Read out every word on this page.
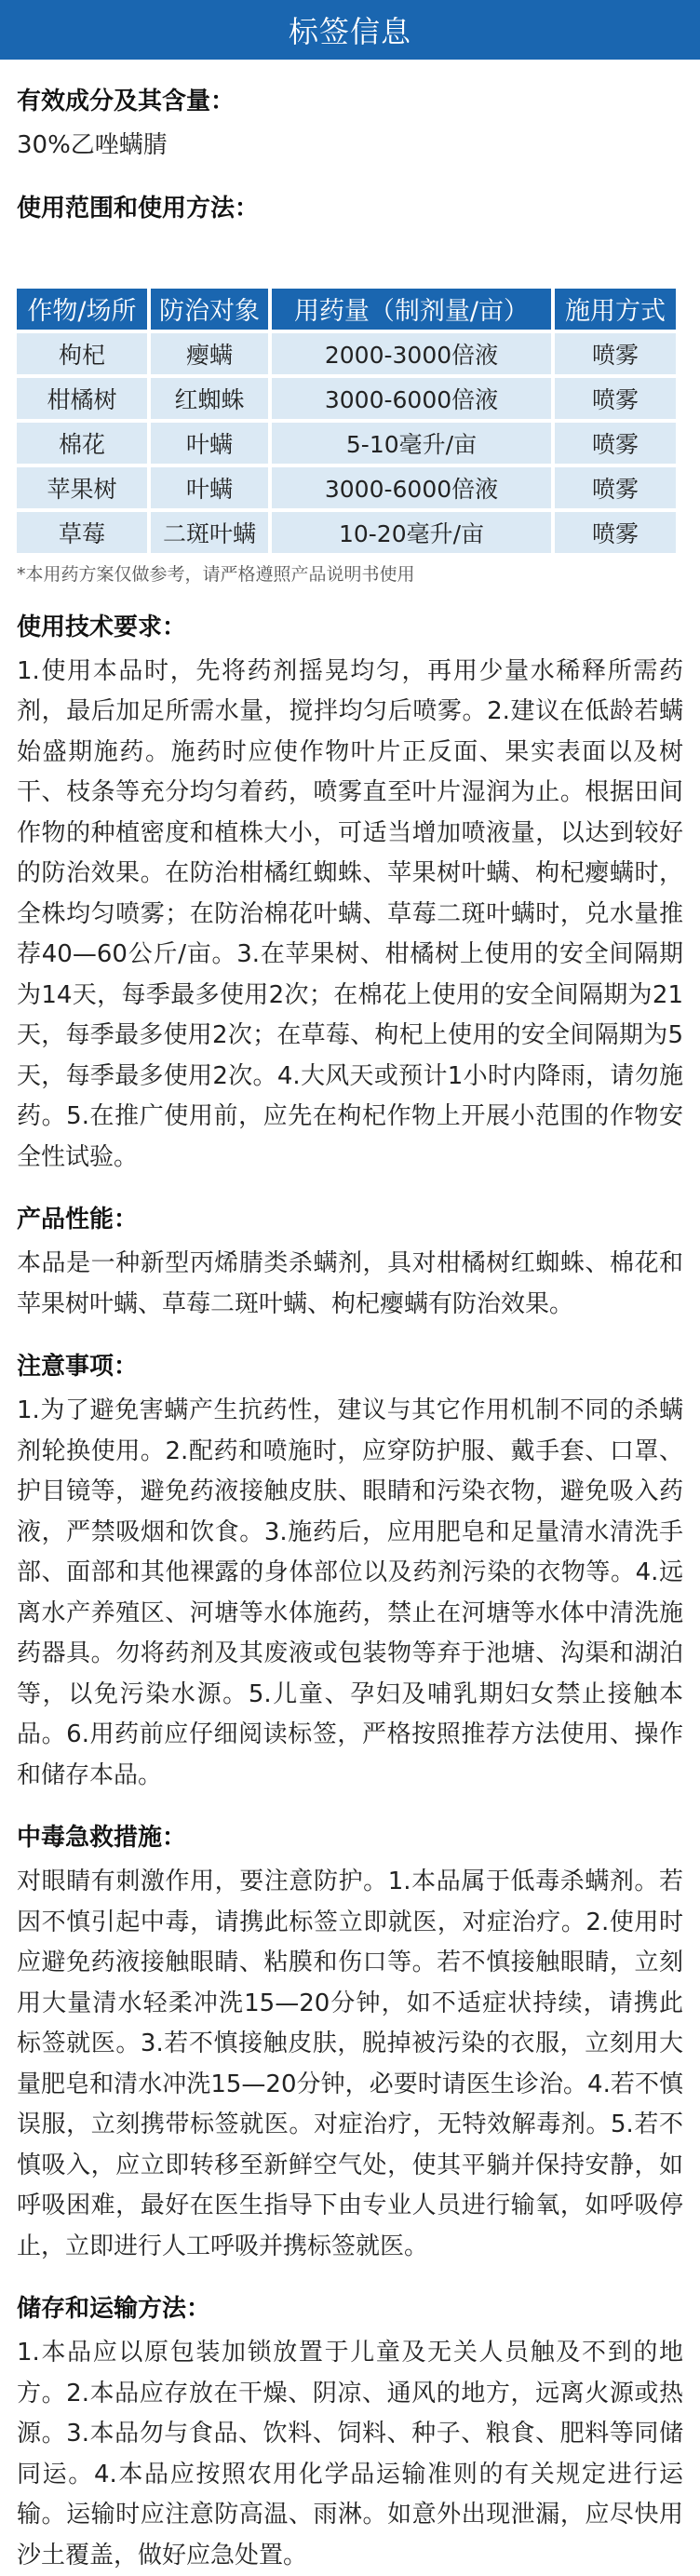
标签信息
有效成分及其含量：
30%乙唑螨腈
使用范围和使用方法：
作物/场所	防治对象	用药量（制剂量/亩）	施用方式
枸杞	瘿螨	2000-3000倍液	喷雾
柑橘树	红蜘蛛	3000-6000倍液	喷雾
棉花	叶螨	5-10毫升/亩	喷雾
苹果树	叶螨	3000-6000倍液	喷雾
草莓	二斑叶螨	10-20毫升/亩	喷雾
*本用药方案仅做参考，请严格遵照产品说明书使用
使用技术要求：
1.使用本品时，先将药剂摇晃均匀，再用少量水稀释所需药剂，最后加足所需水量，搅拌均匀后喷雾。2.建议在低龄若螨始盛期施药。施药时应使作物叶片正反面、果实表面以及树干、枝条等充分均匀着药，喷雾直至叶片湿润为止。根据田间作物的种植密度和植株大小，可适当增加喷液量，以达到较好的防治效果。在防治柑橘红蜘蛛、苹果树叶螨、枸杞瘿螨时，全株均匀喷雾；在防治棉花叶螨、草莓二斑叶螨时，兑水量推荐40—60公斤/亩。3.在苹果树、柑橘树上使用的安全间隔期为14天，每季最多使用2次；在棉花上使用的安全间隔期为21天，每季最多使用2次；在草莓、枸杞上使用的安全间隔期为5天，每季最多使用2次。4.大风天或预计1小时内降雨，请勿施药。5.在推广使用前，应先在枸杞作物上开展小范围的作物安全性试验。
产品性能：
本品是一种新型丙烯腈类杀螨剂，具对柑橘树红蜘蛛、棉花和苹果树叶螨、草莓二斑叶螨、枸杞瘿螨有防治效果。
注意事项：
1.为了避免害螨产生抗药性，建议与其它作用机制不同的杀螨剂轮换使用。2.配药和喷施时，应穿防护服、戴手套、口罩、护目镜等，避免药液接触皮肤、眼睛和污染衣物，避免吸入药液，严禁吸烟和饮食。3.施药后，应用肥皂和足量清水清洗手部、面部和其他裸露的身体部位以及药剂污染的衣物等。4.远离水产养殖区、河塘等水体施药，禁止在河塘等水体中清洗施药器具。勿将药剂及其废液或包装物等弃于池塘、沟渠和湖泊等，以免污染水源。5.儿童、孕妇及哺乳期妇女禁止接触本品。6.用药前应仔细阅读标签，严格按照推荐方法使用、操作和储存本品。
中毒急救措施：
对眼睛有刺激作用，要注意防护。1.本品属于低毒杀螨剂。若因不慎引起中毒，请携此标签立即就医，对症治疗。2.使用时应避免药液接触眼睛、粘膜和伤口等。若不慎接触眼睛，立刻用大量清水轻柔冲洗15—20分钟，如不适症状持续，请携此标签就医。3.若不慎接触皮肤，脱掉被污染的衣服，立刻用大量肥皂和清水冲洗15—20分钟，必要时请医生诊治。4.若不慎误服，立刻携带标签就医。对症治疗，无特效解毒剂。5.若不慎吸入，应立即转移至新鲜空气处，使其平躺并保持安静，如呼吸困难，最好在医生指导下由专业人员进行输氧，如呼吸停止，立即进行人工呼吸并携标签就医。
储存和运输方法：
1.本品应以原包装加锁放置于儿童及无关人员触及不到的地方。2.本品应存放在干燥、阴凉、通风的地方，远离火源或热源。3.本品勿与食品、饮料、饲料、种子、粮食、肥料等同储同运。4.本品应按照农用化学品运输准则的有关规定进行运输。运输时应注意防高温、雨淋。如意外出现泄漏，应尽快用沙土覆盖，做好应急处置。
